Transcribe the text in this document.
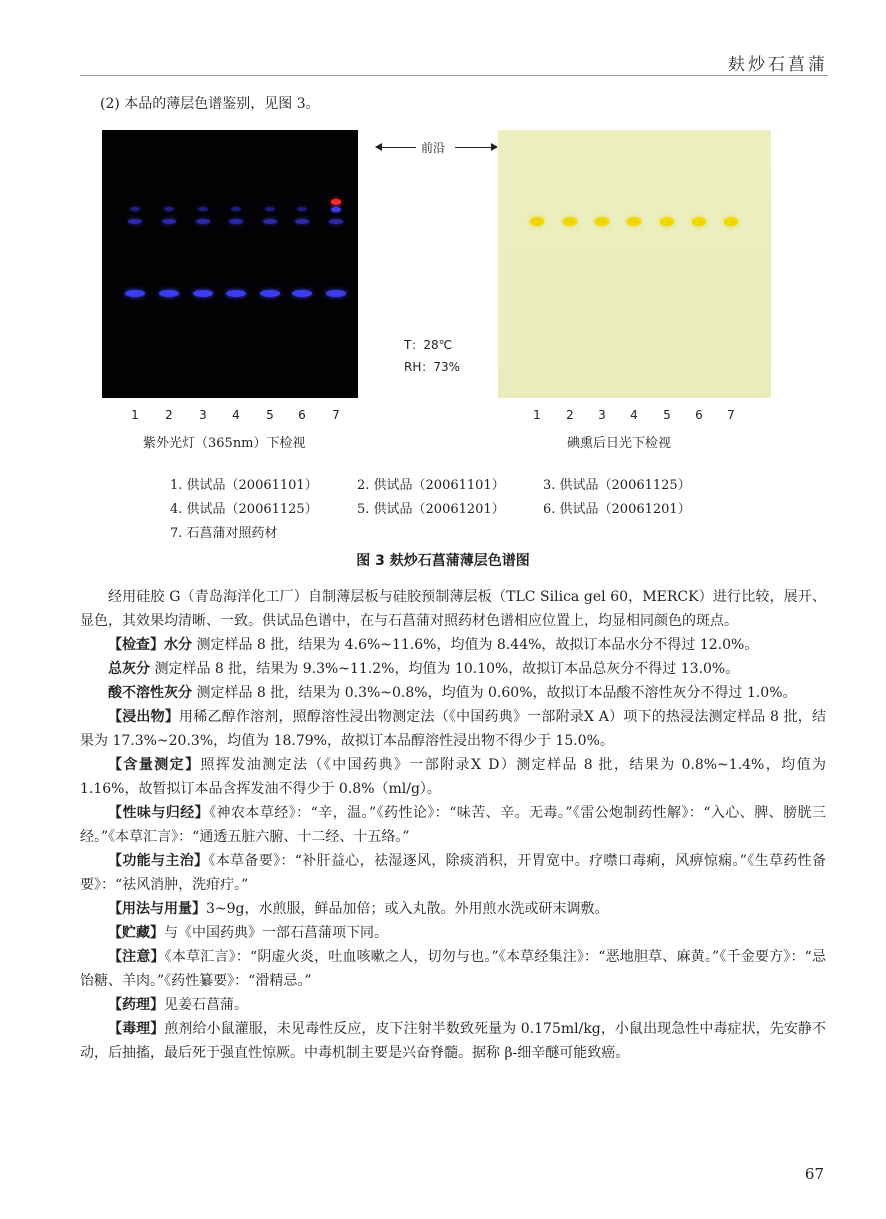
麸炒石菖蒲
(2) 本品的薄层色谱鉴别，见图 3。
前沿
T：28℃
RH：73%
1 2 3 4 5 6 7	1 2 3 4 5 6 7
紫外光灯（365nm）下检视	碘熏后日光下检视
1. 供试品（20061101）	2. 供试品（20061101）	3. 供试品（20061125）
4. 供试品（20061125）	5. 供试品（20061201）	6. 供试品（20061201）
7. 石菖蒲对照药材
图 3 麸炒石菖蒲薄层色谱图

经用硅胶 G（青岛海洋化工厂）自制薄层板与硅胶预制薄层板（TLC Silica gel 60，MERCK）进行比较，展开、显色，其效果均清晰、一致。供试品色谱中，在与石菖蒲对照药材色谱相应位置上，均显相同颜色的斑点。

【检查】水分 测定样品 8 批，结果为 4.6%~11.6%，均值为 8.44%，故拟订本品水分不得过 12.0%。

总灰分 测定样品 8 批，结果为 9.3%~11.2%，均值为 10.10%，故拟订本品总灰分不得过 13.0%。

酸不溶性灰分 测定样品 8 批，结果为 0.3%~0.8%，均值为 0.60%，故拟订本品酸不溶性灰分不得过 1.0%。

【浸出物】用稀乙醇作溶剂，照醇溶性浸出物测定法（《中国药典》一部附录Ⅹ A）项下的热浸法测定样品 8 批，结果为 17.3%~20.3%，均值为 18.79%，故拟订本品醇溶性浸出物不得少于 15.0%。

【含量测定】照挥发油测定法（《中国药典》一部附录Ⅹ D）测定样品 8 批，结果为 0.8%~1.4%，均值为 1.16%，故暂拟订本品含挥发油不得少于 0.8%（ml/g）。

【性味与归经】《神农本草经》：“辛，温。”《药性论》：“味苦、辛。无毒。”《雷公炮制药性解》：“入心、脾、膀胱三经。”《本草汇言》：“通透五脏六腑、十二经、十五络。”

【功能与主治】《本草备要》：“补肝益心，祛湿逐风，除痰消积，开胃宽中。疗噤口毒痢，风痹惊痫。”《生草药性备要》：“祛风消肿，洗疳疔。”

【用法与用量】3~9g，水煎服，鲜品加倍；或入丸散。外用煎水洗或研末调敷。

【贮藏】与《中国药典》一部石菖蒲项下同。

【注意】《本草汇言》：“阴虚火炎，吐血咳嗽之人，切勿与也。”《本草经集注》：“恶地胆草、麻黄。”《千金要方》：“忌饴糖、羊肉。”《药性纂要》：“滑精忌。”

【药理】见姜石菖蒲。

【毒理】煎剂给小鼠灌服，未见毒性反应，皮下注射半数致死量为 0.175ml/kg，小鼠出现急性中毒症状，先安静不动，后抽搐，最后死于强直性惊厥。中毒机制主要是兴奋脊髓。据称 β-细辛醚可能致癌。

67
